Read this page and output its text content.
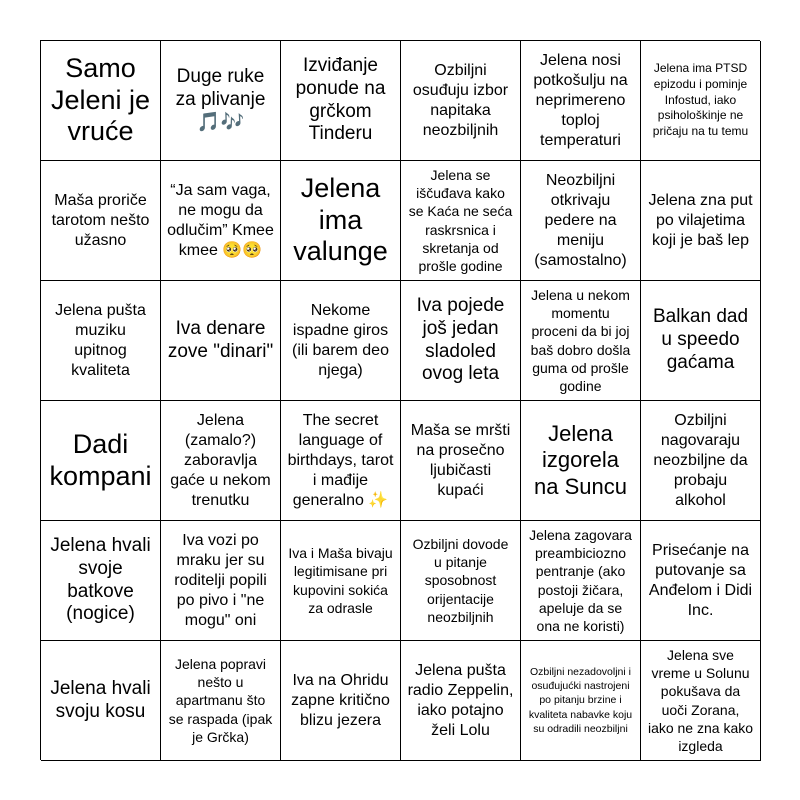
Samo Jeleni je vruće
Duge ruke za plivanje 🎵🎶
Izviđanje ponude na grčkom Tinderu
Ozbiljni osuđuju izbor napitaka neozbiljnih
Jelena nosi potkošulju na neprimereno toploj temperaturi
Jelena ima PTSD epizodu i pominje Infostud, iako psihološkinje ne pričaju na tu temu
Maša proriče tarotom nešto užasno
“Ja sam vaga, ne mogu da odlučim” Kmee kmee 🥺🥺
Jelena ima valunge
Jelena se iščuđava kako se Kaća ne seća raskrsnica i skretanja od prošle godine
Neozbiljni otkrivaju pedere na meniju (samostalno)
Jelena zna put po vilajetima koji je baš lep
Jelena pušta muziku upitnog kvaliteta
Iva denare zove "dinari"
Nekome ispadne giros (ili barem deo njega)
Iva pojede još jedan sladoled ovog leta
Jelena u nekom momentu proceni da bi joj baš dobro došla guma od prošle godine
Balkan dad u speedo gaćama
Dadi kompani
Jelena (zamalo?) zaboravlja gaće u nekom trenutku
The secret language of birthdays, tarot i mađije generalno ✨
Maša se mršti na prosečno ljubičasti kupaći
Jelena izgorela na Suncu
Ozbiljni nagovaraju neozbiljne da probaju alkohol
Jelena hvali svoje batkove (nogice)
Iva vozi po mraku jer su roditelji popili po pivo i "ne mogu" oni
Iva i Maša bivaju legitimisane pri kupovini sokića za odrasle
Ozbiljni dovode u pitanje sposobnost orijentacije neozbiljnih
Jelena zagovara preambiciozno pentranje (ako postoji žičara, apeluje da se ona ne koristi)
Prisećanje na putovanje sa Anđelom i Didi Inc.
Jelena hvali svoju kosu
Jelena popravi nešto u apartmanu što se raspada (ipak je Grčka)
Iva na Ohridu zapne kritično blizu jezera
Jelena pušta radio Zeppelin, iako potajno želi Lolu
Ozbiljni nezadovoljni i osuđujućki nastrojeni po pitanju brzine i kvaliteta nabavke koju su odradili neozbiljni
Jelena sve vreme u Solunu pokušava da uoči Zorana, iako ne zna kako izgleda
